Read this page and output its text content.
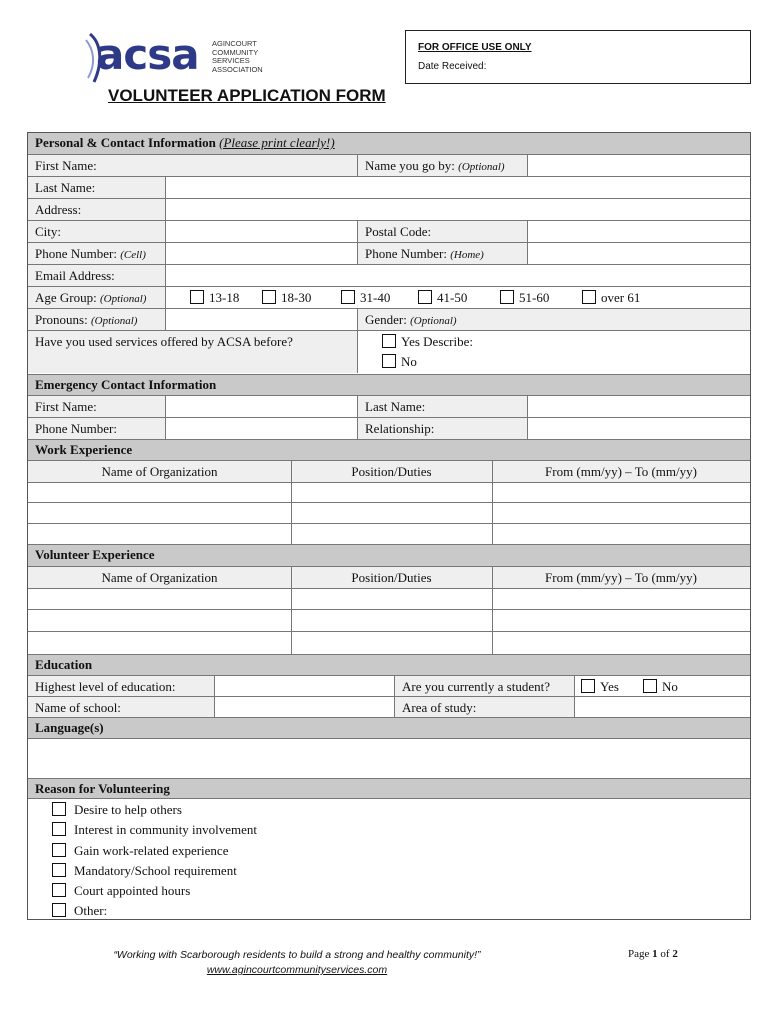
acsa AGINCOURT
COMMUNITY
SERVICES
ASSOCIATION
FOR OFFICE USE ONLY
Date Received:
VOLUNTEER APPLICATION FORM
Personal & Contact Information (Please print clearly!)
First Name:	Name you go by: (Optional)
Last Name:
Address:
City:	Postal Code:
Phone Number: (Cell)	Phone Number: (Home)
Email Address:
Age Group: (Optional)	13-18	18-30	31-40	41-50	51-60	over 61
Pronouns: (Optional)	Gender: (Optional)
Have you used services offered by ACSA before?	Yes Describe:
No
Emergency Contact Information
First Name:	Last Name:
Phone Number:	Relationship:
Work Experience
Name of Organization	Position/Duties	From (mm/yy) – To (mm/yy)
Volunteer Experience
Name of Organization	Position/Duties	From (mm/yy) – To (mm/yy)
Education
Highest level of education:	Are you currently a student?	Yes	No
Name of school:	Area of study:
Language(s)
Reason for Volunteering
Desire to help others
Interest in community involvement
Gain work-related experience
Mandatory/School requirement
Court appointed hours
Other:
“Working with Scarborough residents to build a strong and healthy community!”
www.agincourtcommunityservices.com
Page 1 of 2
